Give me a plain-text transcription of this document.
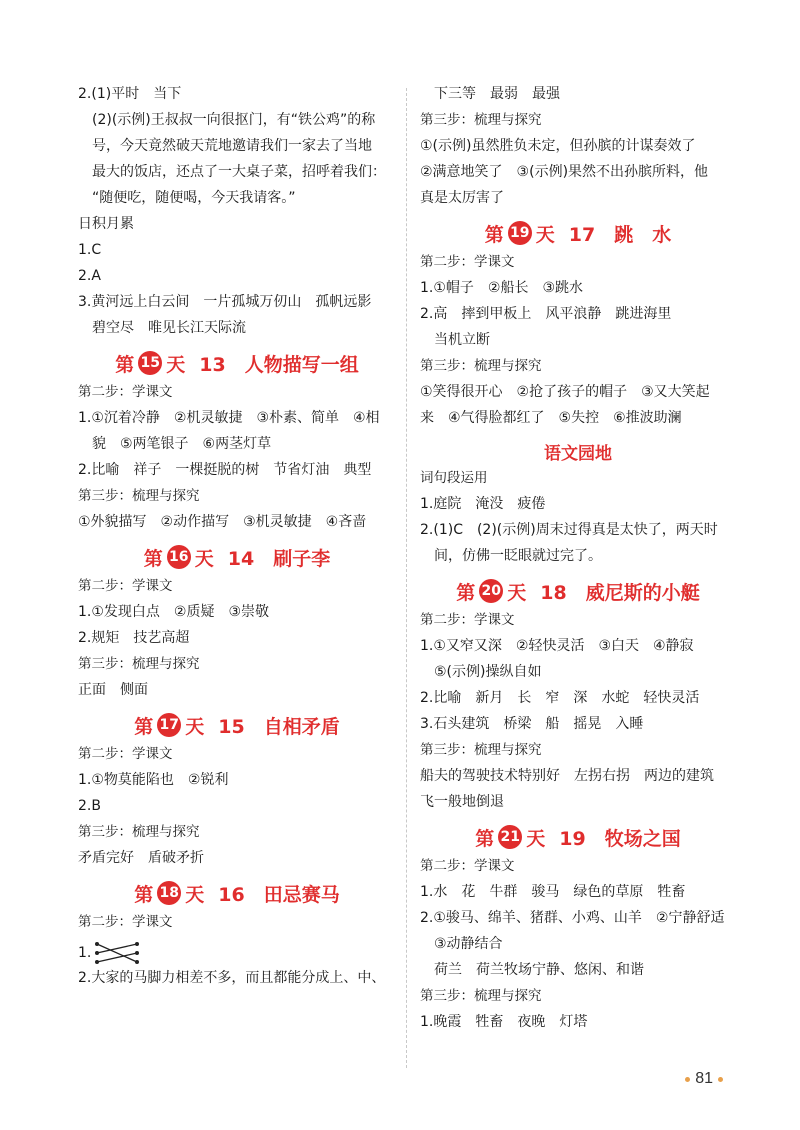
2.(1)平时　当下
(2)(示例)王叔叔一向很抠门，有“铁公鸡”的称
号，今天竟然破天荒地邀请我们一家去了当地
最大的饭店，还点了一大桌子菜，招呼着我们：
“随便吃，随便喝，今天我请客。”
日积月累
1.C
2.A
3.黄河远上白云间　一片孤城万仞山　孤帆远影
碧空尽　唯见长江天际流
第 15 天 13　人物描写一组
第二步：学课文
1.①沉着冷静　②机灵敏捷　③朴素、简单　④相
貌　⑤两笔银子　⑥两茎灯草
2.比喻　祥子　一棵挺脱的树　节省灯油　典型
第三步：梳理与探究
①外貌描写　②动作描写　③机灵敏捷　④吝啬
第 16 天 14　刷子李
第二步：学课文
1.①发现白点　②质疑　③崇敬
2.规矩　技艺高超
第三步：梳理与探究
正面　侧面
第 17 天 15　自相矛盾
第二步：学课文
1.①物莫能陷也　②锐利
2.B
第三步：梳理与探究
矛盾完好　盾破矛折
第 18 天 16　田忌赛马
第二步：学课文
1.
2.大家的马脚力相差不多，而且都能分成上、中、
下三等　最弱　最强
第三步：梳理与探究
①(示例)虽然胜负未定，但孙膑的计谋奏效了
②满意地笑了　③(示例)果然不出孙膑所料，他
真是太厉害了
第 19 天 17　跳　水
第二步：学课文
1.①帽子　②船长　③跳水
2.高　摔到甲板上　风平浪静　跳进海里
当机立断
第三步：梳理与探究
①笑得很开心　②抢了孩子的帽子　③又大笑起
来　④气得脸都红了　⑤失控　⑥推波助澜
语文园地
词句段运用
1.庭院　淹没　疲倦
2.(1)C　(2)(示例)周末过得真是太快了，两天时
间，仿佛一眨眼就过完了。
第 20 天 18　威尼斯的小艇
第二步：学课文
1.①又窄又深　②轻快灵活　③白天　④静寂
⑤(示例)操纵自如
2.比喻　新月　长　窄　深　水蛇　轻快灵活
3.石头建筑　桥梁　船　摇晃　入睡
第三步：梳理与探究
船夫的驾驶技术特别好　左拐右拐　两边的建筑
飞一般地倒退
第 21 天 19　牧场之国
第二步：学课文
1.水　花　牛群　骏马　绿色的草原　牲畜
2.①骏马、绵羊、猪群、小鸡、山羊　②宁静舒适
③动静结合
荷兰　荷兰牧场宁静、悠闲、和谐
第三步：梳理与探究
1.晚霞　牲畜　夜晚　灯塔
81
